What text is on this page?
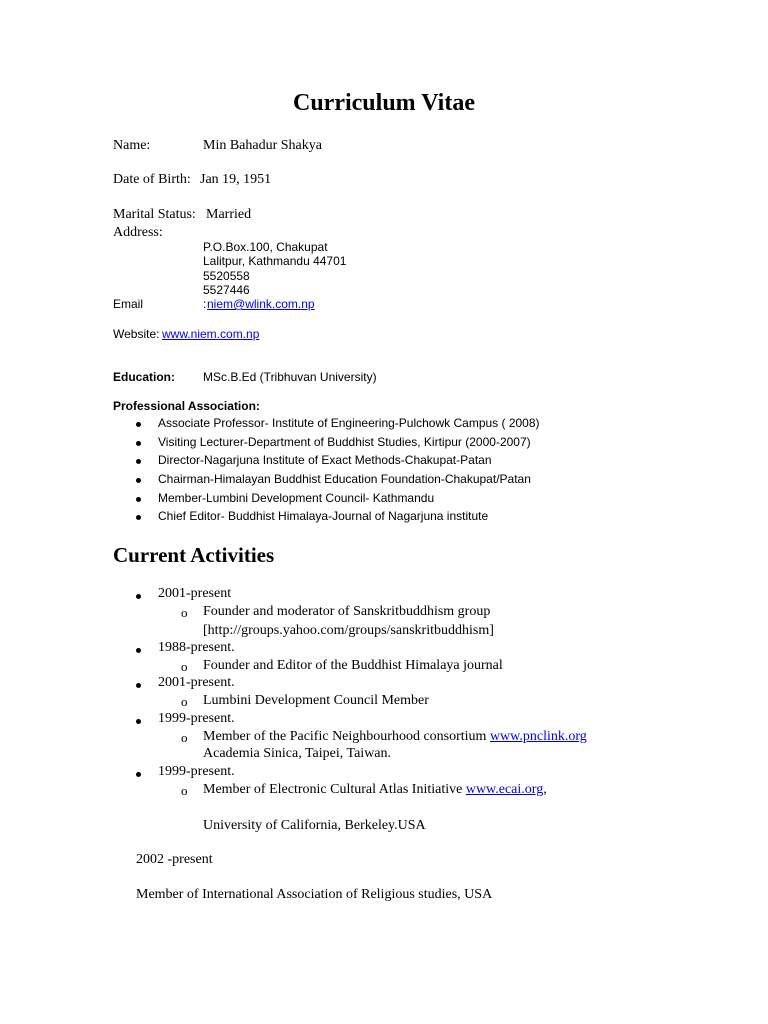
Curriculum Vitae
Name:	Min Bahadur Shakya
Date of Birth: Jan 19, 1951
Marital Status: Married
Address:
P.O.Box.100, Chakupat
Lalitpur, Kathmandu 44701
5520558
5527446
Email	: niem@wlink.com.np
Website: www.niem.com.np
Education: MSc.B.Ed (Tribhuvan University)
Professional Association:
Associate Professor- Institute of Engineering-Pulchowk Campus ( 2008)
Visiting Lecturer-Department of Buddhist Studies, Kirtipur (2000-2007)
Director-Nagarjuna Institute of Exact Methods-Chakupat-Patan
Chairman-Himalayan Buddhist Education Foundation-Chakupat/Patan
Member-Lumbini Development Council- Kathmandu
Chief Editor- Buddhist Himalaya-Journal of Nagarjuna institute
Current Activities
2001-present
o Founder and moderator of Sanskritbuddhism group
[http://groups.yahoo.com/groups/sanskritbuddhism]
1988-present.
o Founder and Editor of the Buddhist Himalaya journal
2001-present.
o Lumbini Development Council Member
1999-present.
o Member of the Pacific Neighbourhood consortium www.pnclink.org
Academia Sinica, Taipei, Taiwan.
1999-present.
o Member of Electronic Cultural Atlas Initiative www.ecai.org,
University of California, Berkeley.USA
2002 -present
Member of International Association of Religious studies, USA
